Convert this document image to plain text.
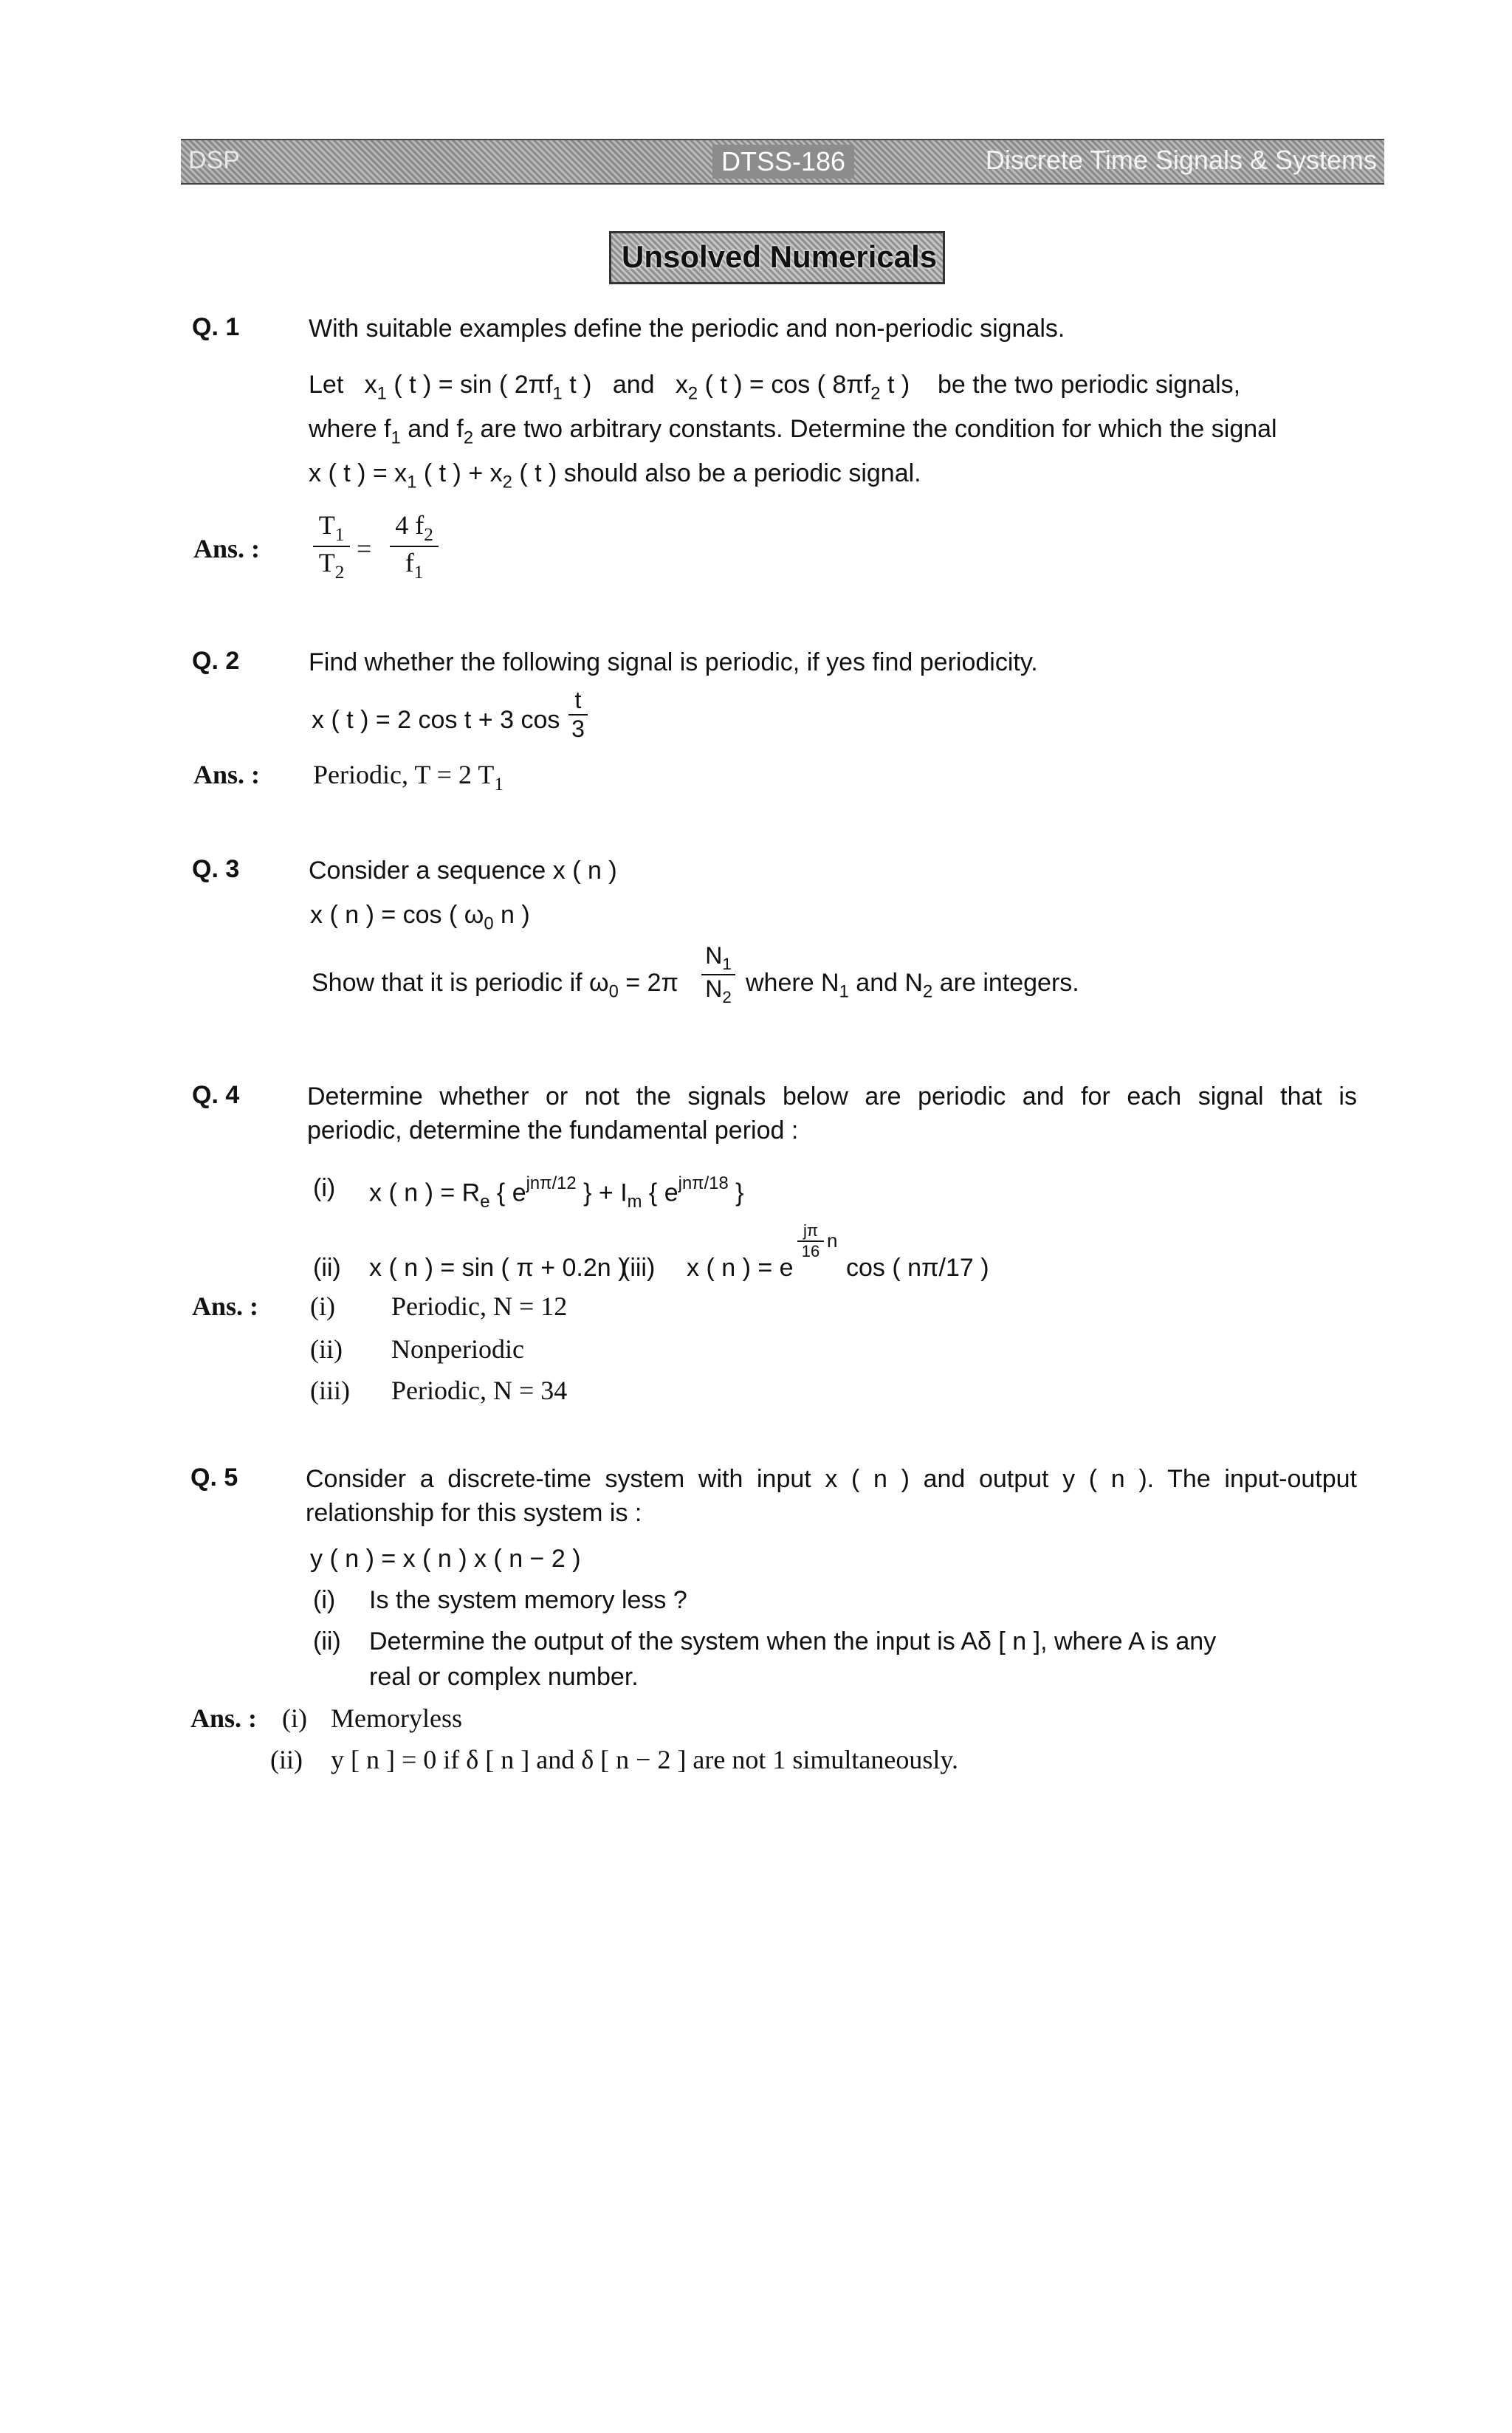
DSP	DTSS-186	Discrete Time Signals & Systems
Unsolved Numericals
Q. 1	With suitable examples define the periodic and non-periodic signals.
Let $x_1$ ( t ) = sin ( $2\pi f_1$ t ) and $x_2$ ( t ) = cos ( $8\pi f_2$ t ) be the two periodic signals,
where $f_1$ and $f_2$ are two arbitrary constants. Determine the condition for which the signal
x ( t ) = $x_1$ ( t ) + $x_2$ ( t ) should also be a periodic signal.
Ans. : $\frac{T_1}{T_2} = \frac{4 f_2}{f_1}$
Q. 2	Find whether the following signal is periodic, if yes find periodicity.
x ( t ) = 2 cos t + 3 $\cos \frac{t}{3}$
Ans. : Periodic, T = 2 $T_1$
Q. 3	Consider a sequence x ( n )
x ( n ) = cos ( $\omega_0$ n )
Show that it is periodic if $\omega_0 = 2\pi \frac{N_1}{N_2}$ where $N_1$ and $N_2$ are integers.
Q. 4	Determine whether or not the signals below are periodic and for each signal that is
periodic, determine the fundamental period :
(i) x ( n ) = $R_e$ { $e^{jn\pi/12}$ } + $I_m$ { $e^{jn\pi/18}$ }
(ii) x ( n ) = sin ( π + 0.2n )
(iii) x ( n ) = e
$\frac{j\pi}{16}$ n
cos ( nπ/17 )
Ans. : (i) Periodic, N = 12
(ii) Nonperiodic
(iii) Periodic, N = 34
Q. 5	Consider a discrete-time system with input x ( n ) and output y ( n ). The input-output
relationship for this system is :
y ( n ) = x ( n ) x ( n − 2 )
(i) Is the system memory less ?
(ii) Determine the output of the system when the input is Aδ [ n ], where A is any
real or complex number.
Ans. : (i) Memoryless
(ii) y [ n ] = 0 if δ [ n ] and δ [ n − 2 ] are not 1 simultaneously.
